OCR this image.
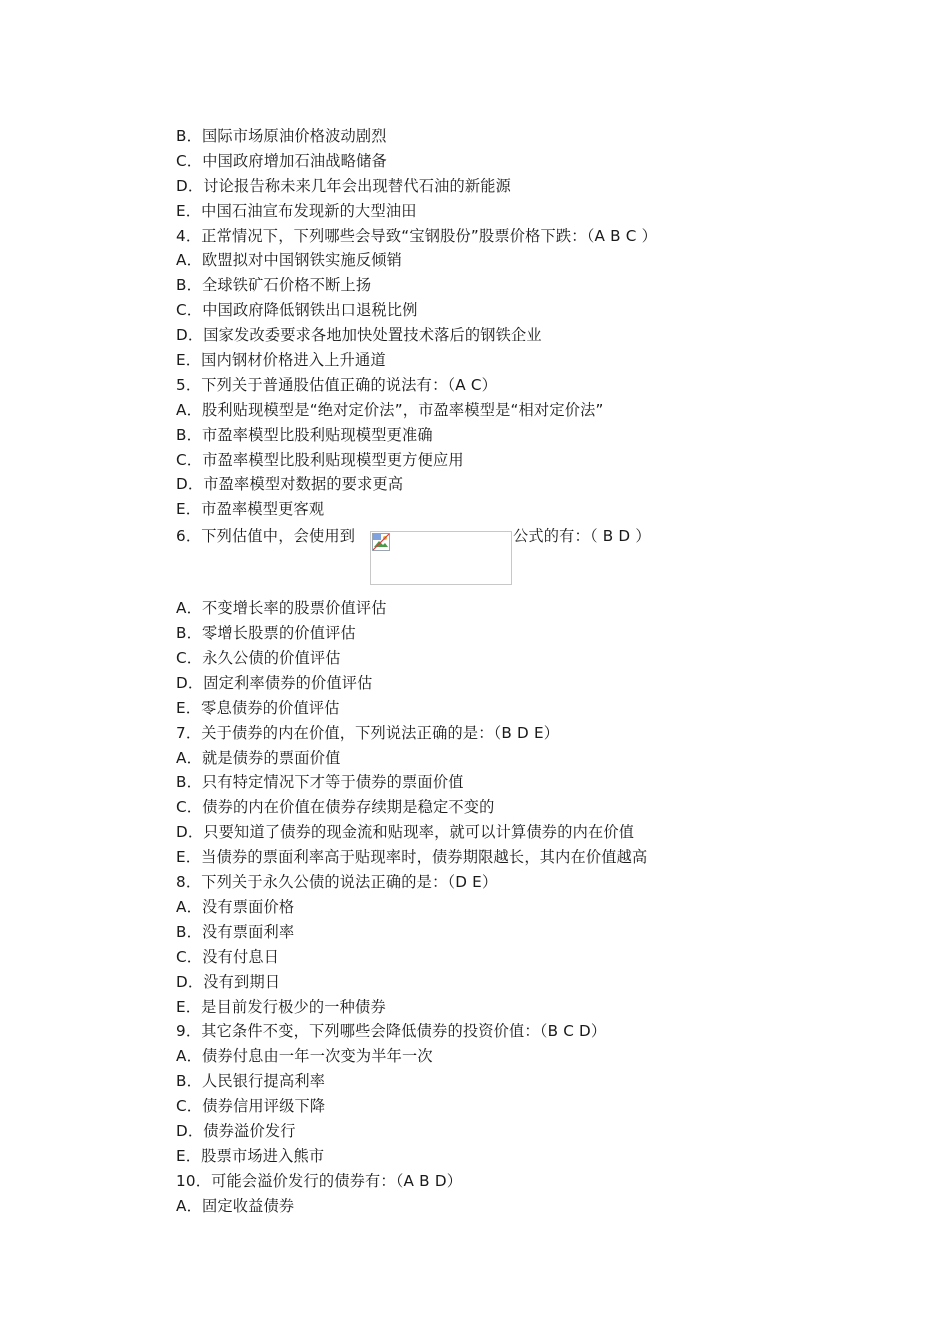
B．国际市场原油价格波动剧烈
C．中国政府增加石油战略储备
D．讨论报告称未来几年会出现替代石油的新能源
E．中国石油宣布发现新的大型油田
4．正常情况下，下列哪些会导致“宝钢股份”股票价格下跌：（A B C ）
A．欧盟拟对中国钢铁实施反倾销
B．全球铁矿石价格不断上扬
C．中国政府降低钢铁出口退税比例
D．国家发改委要求各地加快处置技术落后的钢铁企业
E．国内钢材价格进入上升通道
5．下列关于普通股估值正确的说法有：（A C）
A．股利贴现模型是“绝对定价法”，市盈率模型是“相对定价法”
B．市盈率模型比股利贴现模型更准确
C．市盈率模型比股利贴现模型更方便应用
D．市盈率模型对数据的要求更高
E．市盈率模型更客观
6．下列估值中，会使用到	公式的有：（ B D ）
A．不变增长率的股票价值评估
B．零增长股票的价值评估
C．永久公债的价值评估
D．固定利率债券的价值评估
E．零息债券的价值评估
7．关于债券的内在价值，下列说法正确的是：（B D E）
A．就是债券的票面价值
B．只有特定情况下才等于债券的票面价值
C．债券的内在价值在债券存续期是稳定不变的
D．只要知道了债券的现金流和贴现率，就可以计算债券的内在价值
E．当债券的票面利率高于贴现率时，债券期限越长，其内在价值越高
8．下列关于永久公债的说法正确的是：（D E）
A．没有票面价格
B．没有票面利率
C．没有付息日
D．没有到期日
E．是目前发行极少的一种债券
9．其它条件不变，下列哪些会降低债券的投资价值：（B C D）
A．债券付息由一年一次变为半年一次
B．人民银行提高利率
C．债券信用评级下降
D．债券溢价发行
E．股票市场进入熊市
10．可能会溢价发行的债券有：（A B D）
A．固定收益债券
